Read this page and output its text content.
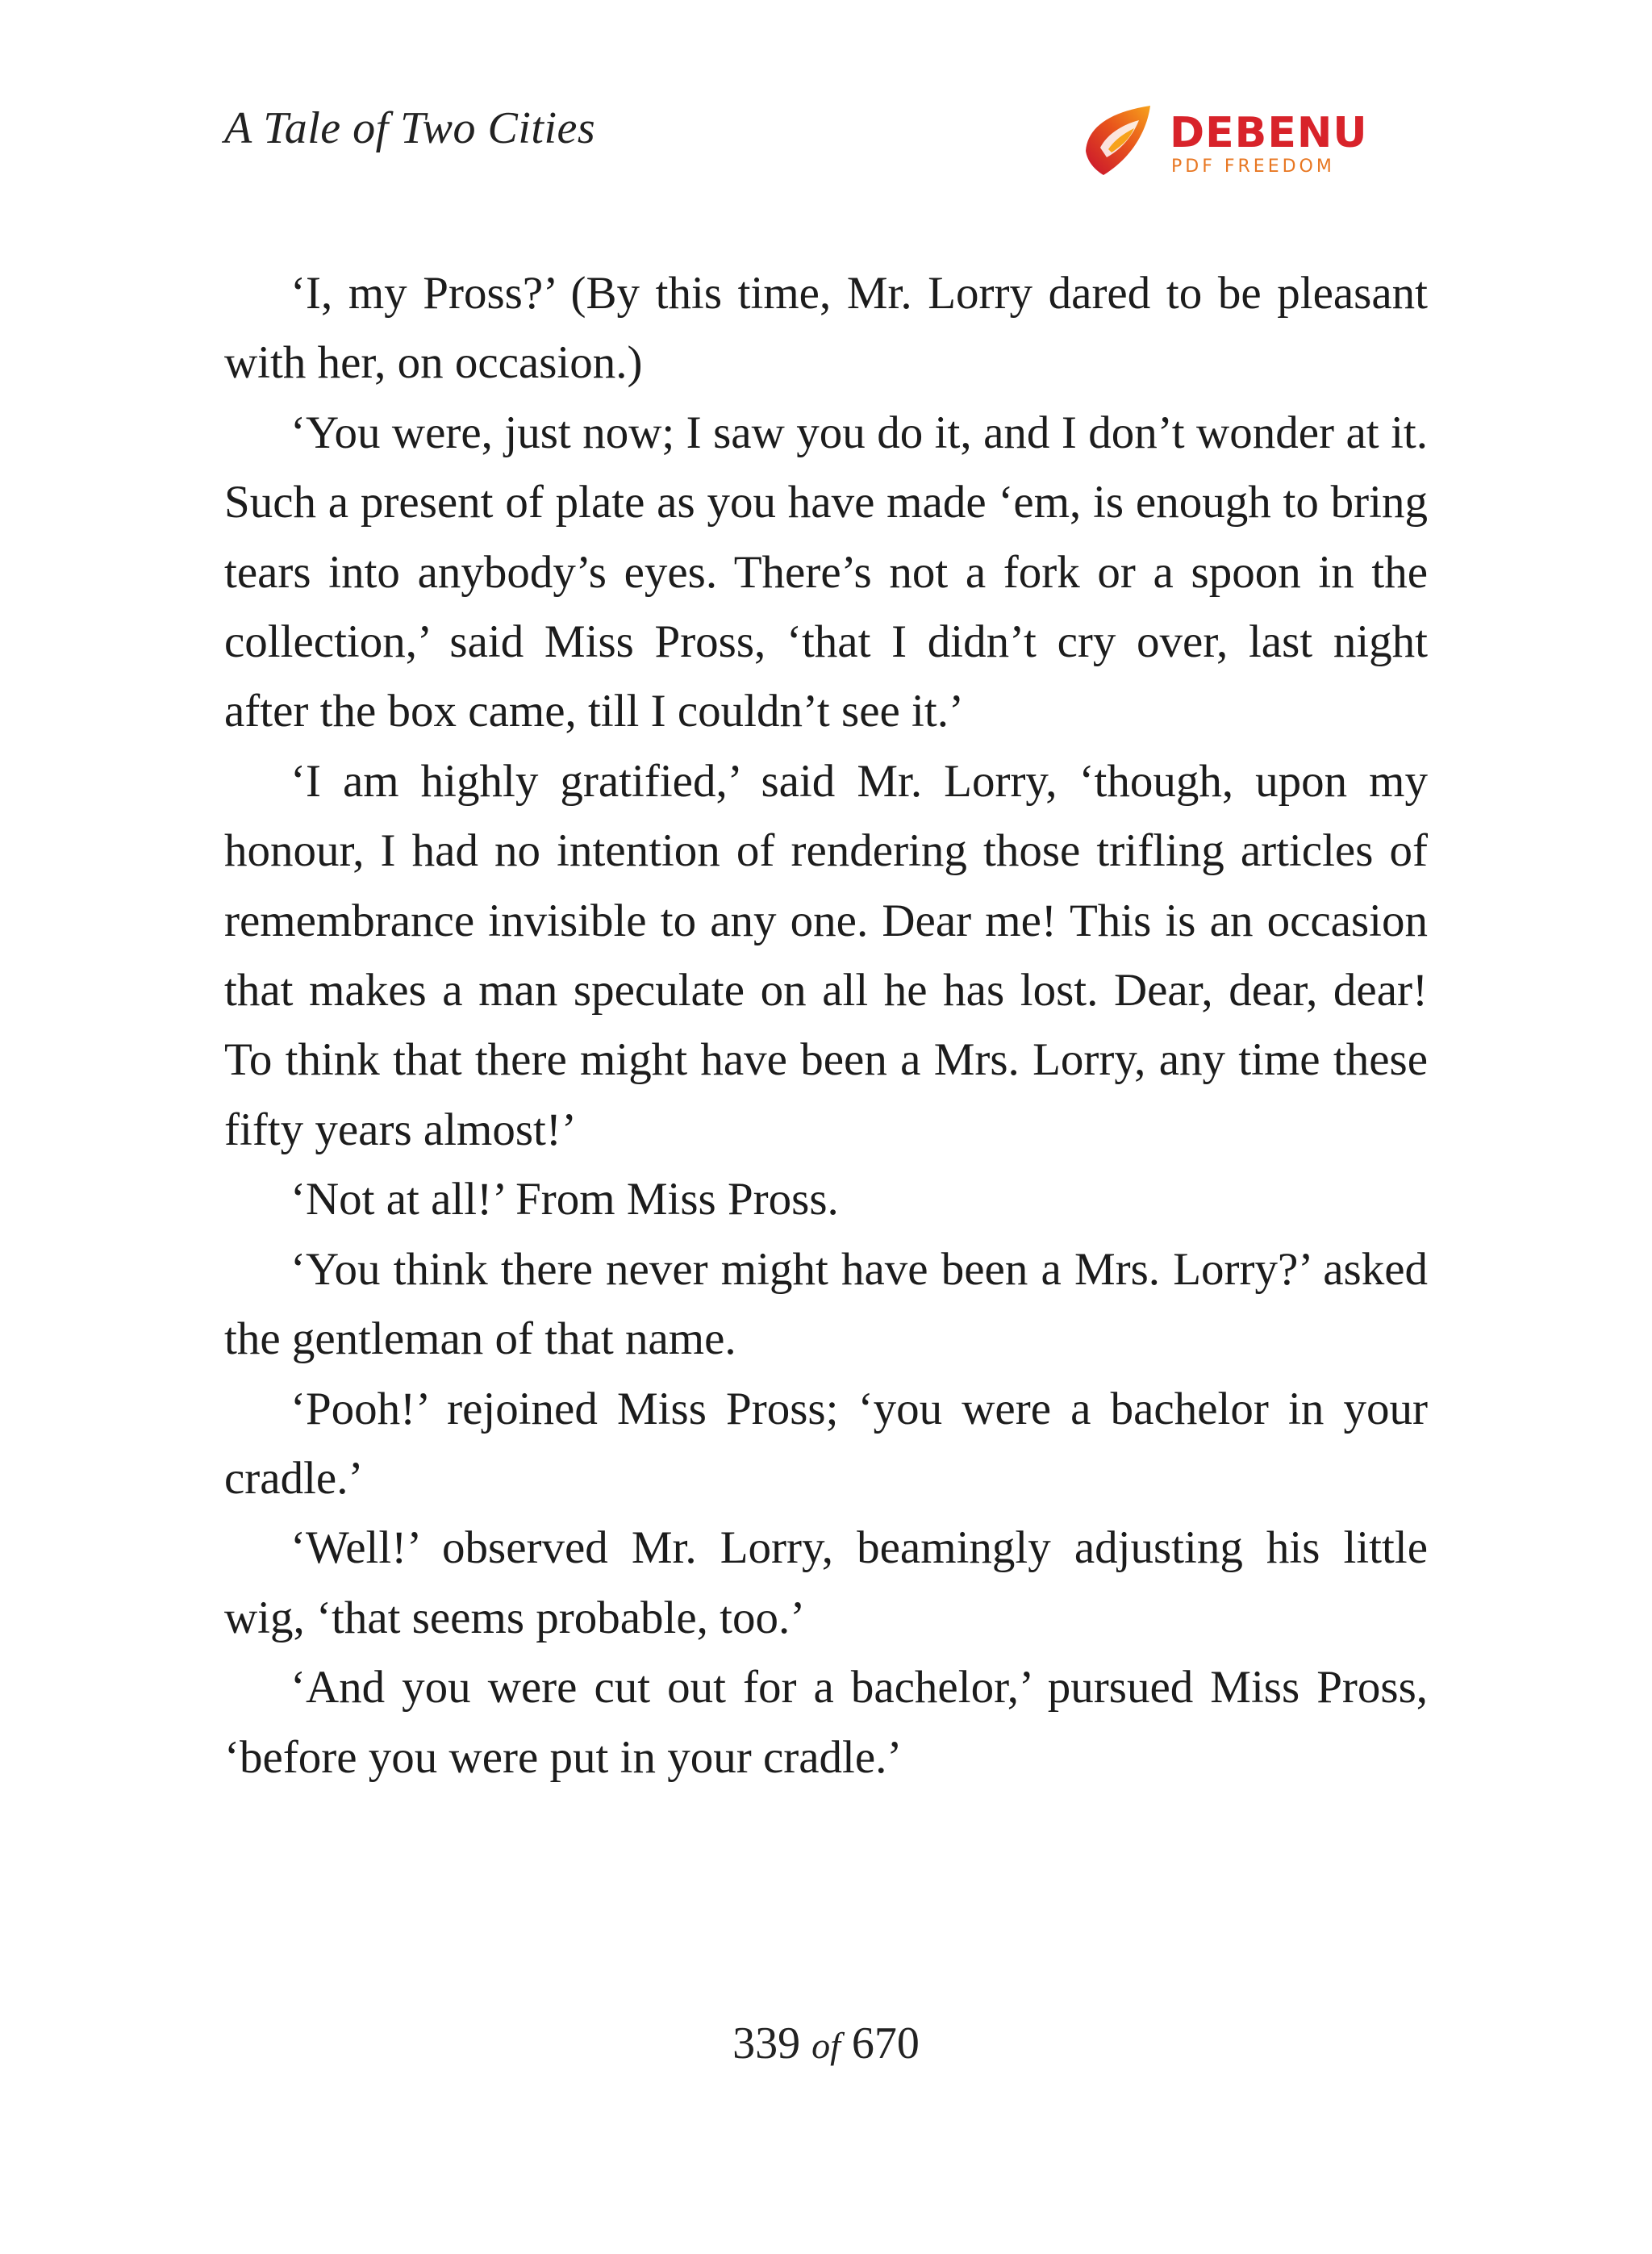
A Tale of Two Cities	DEBENU
PDF FREEDOM

‘I, my Pross?’ (By this time, Mr. Lorry dared to be pleasant with her, on occasion.)

‘You were, just now; I saw you do it, and I don’t wonder at it. Such a present of plate as you have made ‘em, is enough to bring tears into anybody’s eyes. There’s not a fork or a spoon in the collection,’ said Miss Pross, ‘that I didn’t cry over, last night after the box came, till I couldn’t see it.’

‘I am highly gratified,’ said Mr. Lorry, ‘though, upon my honour, I had no intention of rendering those trifling articles of remembrance invisible to any one. Dear me! This is an occasion that makes a man speculate on all he has lost. Dear, dear, dear! To think that there might have been a Mrs. Lorry, any time these fifty years almost!’

‘Not at all!’ From Miss Pross.

‘You think there never might have been a Mrs. Lorry?’ asked the gentleman of that name.

‘Pooh!’ rejoined Miss Pross; ‘you were a bachelor in your cradle.’

‘Well!’ observed Mr. Lorry, beamingly adjusting his little wig, ‘that seems probable, too.’

‘And you were cut out for a bachelor,’ pursued Miss Pross, ‘before you were put in your cradle.’

339 of 670
